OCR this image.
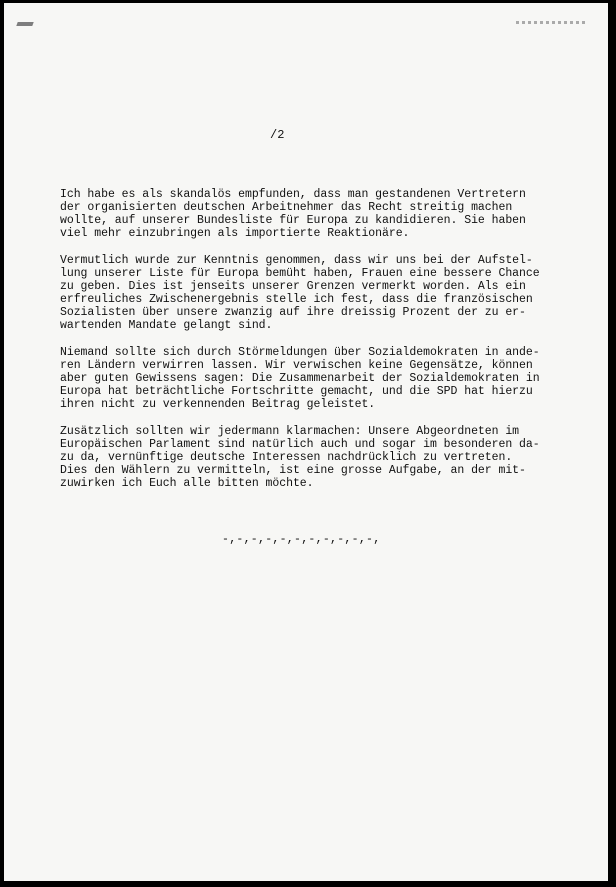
/2

Ich habe es als skandalös empfunden, dass man gestandenen Vertretern
der organisierten deutschen Arbeitnehmer das Recht streitig machen
wollte, auf unserer Bundesliste für Europa zu kandidieren. Sie haben
viel mehr einzubringen als importierte Reaktionäre.

Vermutlich wurde zur Kenntnis genommen, dass wir uns bei der Aufstel-
lung unserer Liste für Europa bemüht haben, Frauen eine bessere Chance
zu geben. Dies ist jenseits unserer Grenzen vermerkt worden. Als ein
erfreuliches Zwischenergebnis stelle ich fest, dass die französischen
Sozialisten über unsere zwanzig auf ihre dreissig Prozent der zu er-
wartenden Mandate gelangt sind.

Niemand sollte sich durch Störmeldungen über Sozialdemokraten in ande-
ren Ländern verwirren lassen. Wir verwischen keine Gegensätze, können
aber guten Gewissens sagen: Die Zusammenarbeit der Sozialdemokraten in
Europa hat beträchtliche Fortschritte gemacht, und die SPD hat hierzu
ihren nicht zu verkennenden Beitrag geleistet.

Zusätzlich sollten wir jedermann klarmachen: Unsere Abgeordneten im
Europäischen Parlament sind natürlich auch und sogar im besonderen da-
zu da, vernünftige deutsche Interessen nachdrücklich zu vertreten.
Dies den Wählern zu vermitteln, ist eine grosse Aufgabe, an der mit-
zuwirken ich Euch alle bitten möchte.

-,-,-,-,-,-,-,-,-,-,-,
